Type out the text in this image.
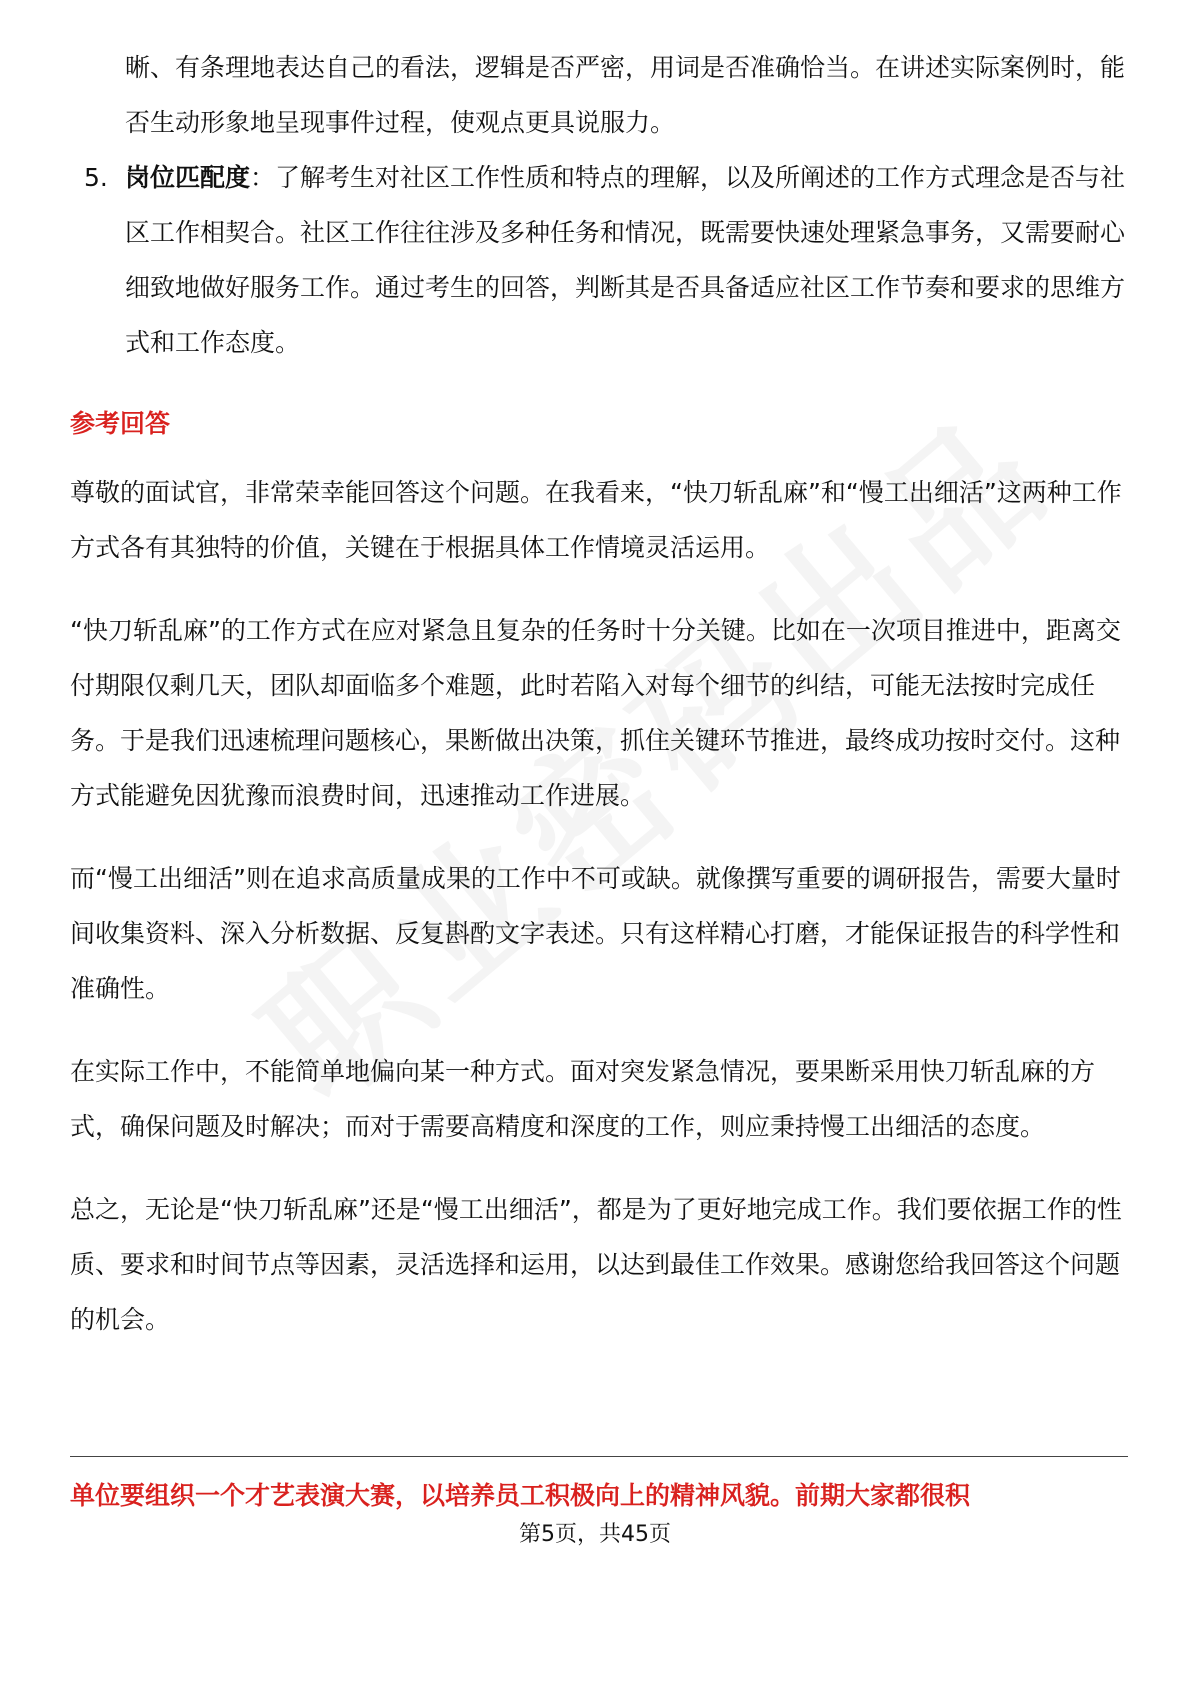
晰、有条理地表达自己的看法，逻辑是否严密，用词是否准确恰当。在讲述实际案例时，能否生动形象地呈现事件过程，使观点更具说服力。
5. 岗位匹配度：了解考生对社区工作性质和特点的理解，以及所阐述的工作方式理念是否与社区工作相契合。社区工作往往涉及多种任务和情况，既需要快速处理紧急事务，又需要耐心细致地做好服务工作。通过考生的回答，判断其是否具备适应社区工作节奏和要求的思维方式和工作态度。
参考回答

尊敬的面试官，非常荣幸能回答这个问题。在我看来，“快刀斩乱麻”和“慢工出细活”这两种工作方式各有其独特的价值，关键在于根据具体工作情境灵活运用。

“快刀斩乱麻”的工作方式在应对紧急且复杂的任务时十分关键。比如在一次项目推进中，距离交付期限仅剩几天，团队却面临多个难题，此时若陷入对每个细节的纠结，可能无法按时完成任务。于是我们迅速梳理问题核心，果断做出决策，抓住关键环节推进，最终成功按时交付。这种方式能避免因犹豫而浪费时间，迅速推动工作进展。

而“慢工出细活”则在追求高质量成果的工作中不可或缺。就像撰写重要的调研报告，需要大量时间收集资料、深入分析数据、反复斟酌文字表述。只有这样精心打磨，才能保证报告的科学性和准确性。

在实际工作中，不能简单地偏向某一种方式。面对突发紧急情况，要果断采用快刀斩乱麻的方式，确保问题及时解决；而对于需要高精度和深度的工作，则应秉持慢工出细活的态度。

总之，无论是“快刀斩乱麻”还是“慢工出细活”，都是为了更好地完成工作。我们要依据工作的性质、要求和时间节点等因素，灵活选择和运用，以达到最佳工作效果。感谢您给我回答这个问题的机会。

单位要组织一个才艺表演大赛，以培养员工积极向上的精神风貌。前期大家都很积
第5页，共45页
